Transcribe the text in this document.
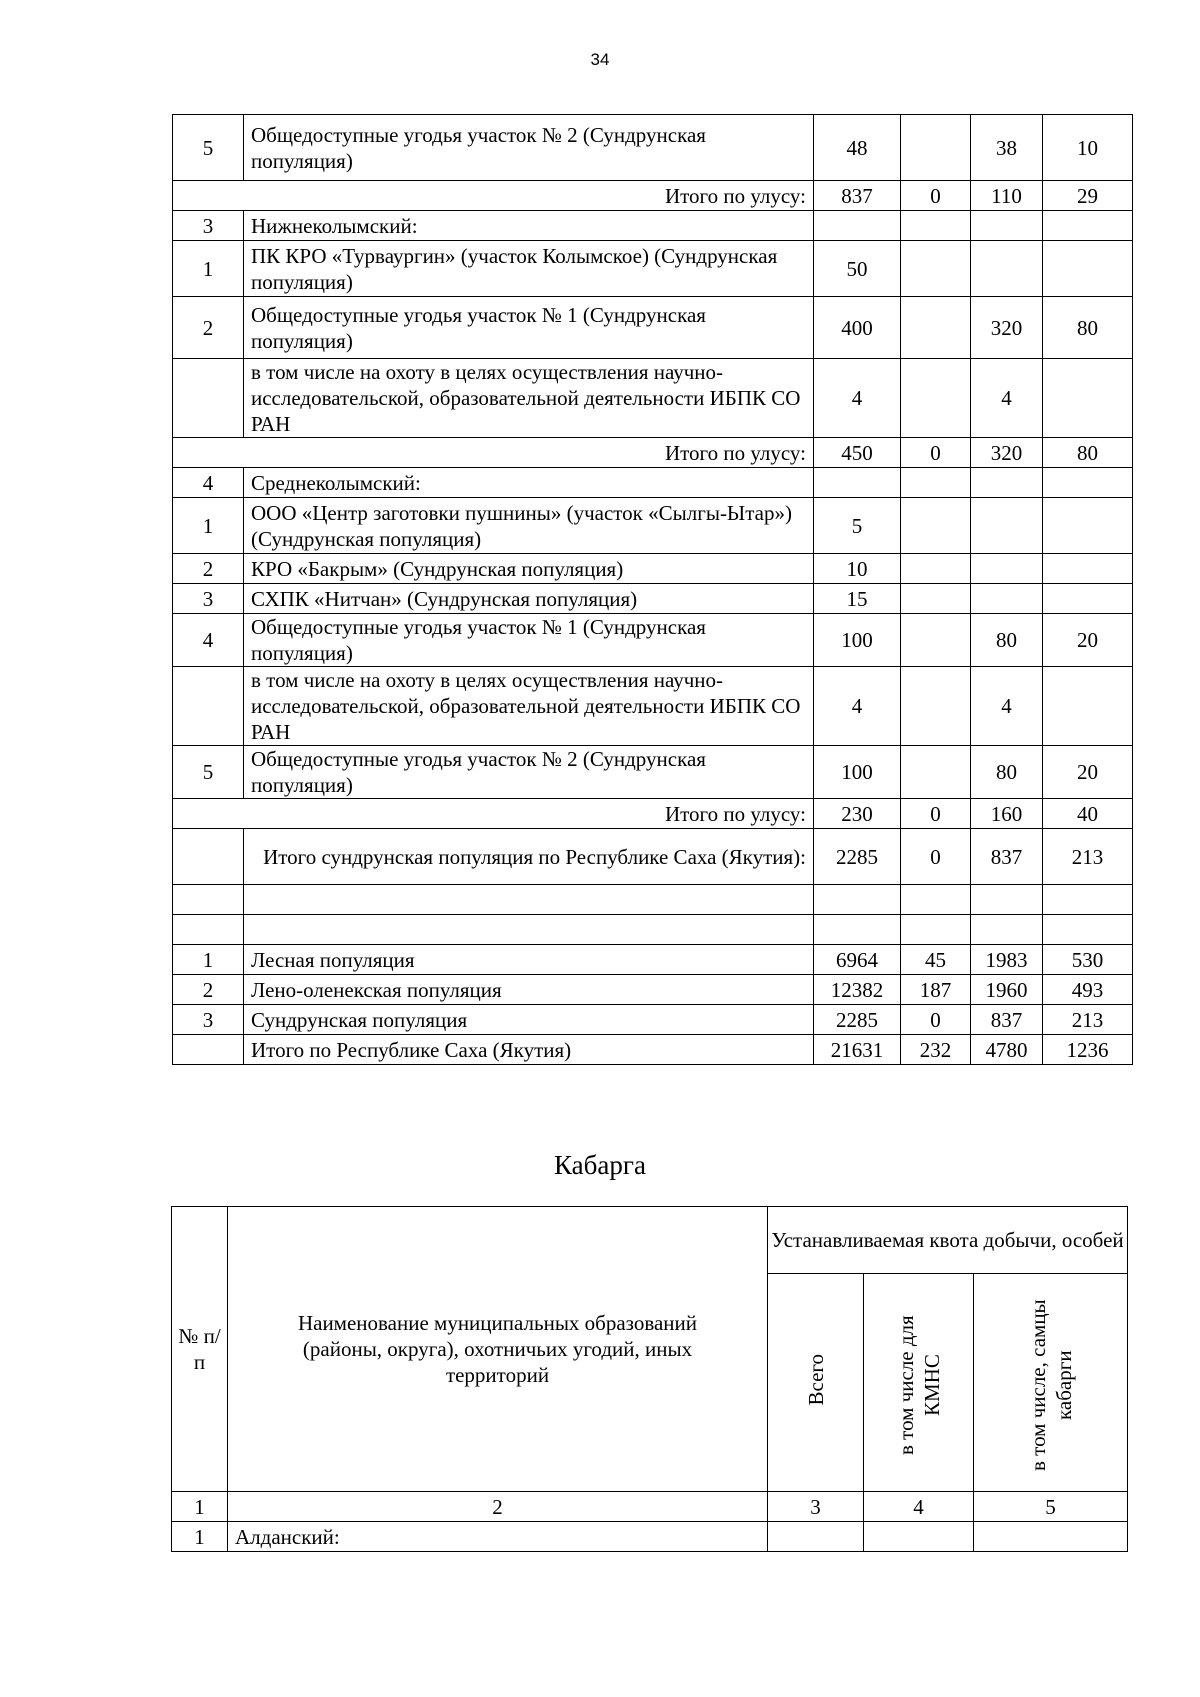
34
5	Общедоступные угодья участок № 2 (Сундрунская популяция)	48		38	10
Итого по улусу:		837	0	110	29
3	Нижнеколымский:				
1	ПК КРО «Турваургин» (участок Колымское) (Сундрунская популяция)	50			
2	Общедоступные угодья участок № 1 (Сундрунская популяция)	400		320	80
	в том числе на охоту в целях осуществления научно-исследовательской, образовательной деятельности ИБПК СО РАН	4		4	
Итого по улусу:		450	0	320	80
4	Среднеколымский:				
1	ООО «Центр заготовки пушнины» (участок «Сылгы-Ытар») (Сундрунская популяция)	5			
2	КРО «Бакрым» (Сундрунская популяция)	10			
3	СХПК «Нитчан» (Сундрунская популяция)	15			
4	Общедоступные угодья участок № 1 (Сундрунская популяция)	100		80	20
	в том числе на охоту в целях осуществления научно-исследовательской, образовательной деятельности ИБПК СО РАН	4		4	
5	Общедоступные угодья участок № 2 (Сундрунская популяция)	100		80	20
Итого по улусу:		230	0	160	40
	Итого сундрунская популяция по Республике Саха (Якутия):	2285	0	837	213

1	Лесная популяция	6964	45	1983	530
2	Лено-оленекская популяция	12382	187	1960	493
3	Сундрунская популяция	2285	0	837	213
	Итого по Республике Саха (Якутия)	21631	232	4780	1236
Кабарга
№ п/п	Наименование муниципальных образований (районы, округа), охотничьих угодий, иных территорий	Устанавливаемая квота добычи, особей		
		Всего	в том числе для КМНС	в том числе, самцы кабарги
1	2	3	4	5
1	Алданский:			
